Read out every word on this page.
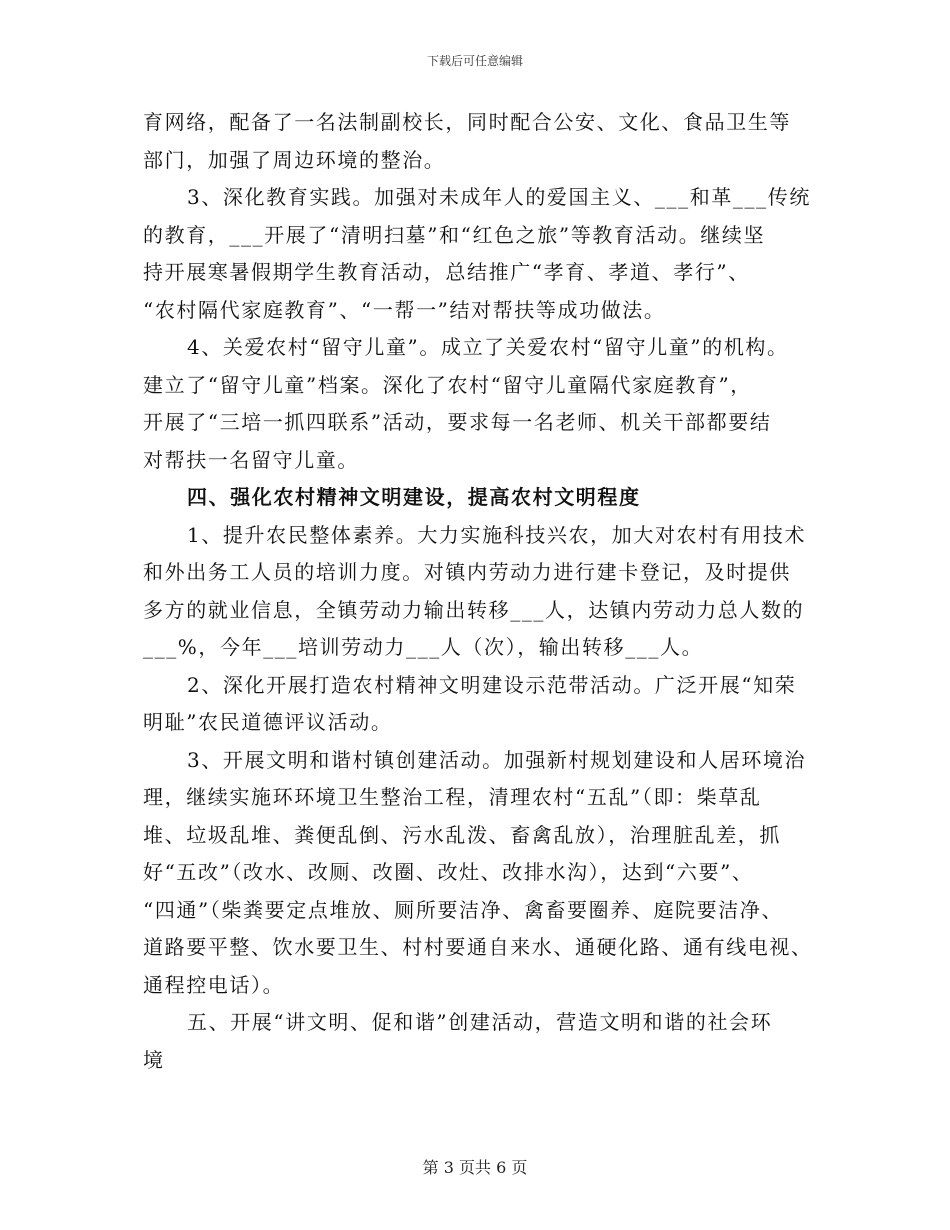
下载后可任意编辑
育网络，配备了一名法制副校长，同时配合公安、文化、食品卫生等
部门，加强了周边环境的整治。
3、深化教育实践。加强对未成年人的爱国主义、___和革___传统
的教育，___开展了“清明扫墓”和“红色之旅”等教育活动。继续坚
持开展寒暑假期学生教育活动，总结推广“孝育、孝道、孝行”、
“农村隔代家庭教育”、“一帮一”结对帮扶等成功做法。
4、关爱农村“留守儿童”。成立了关爱农村“留守儿童”的机构。
建立了“留守儿童”档案。深化了农村“留守儿童隔代家庭教育”，
开展了“三培一抓四联系”活动，要求每一名老师、机关干部都要结
对帮扶一名留守儿童。
四、强化农村精神文明建设，提高农村文明程度
1、提升农民整体素养。大力实施科技兴农，加大对农村有用技术
和外出务工人员的培训力度。对镇内劳动力进行建卡登记，及时提供
多方的就业信息，全镇劳动力输出转移___人，达镇内劳动力总人数的
___%，今年___培训劳动力___人（次），输出转移___人。
2、深化开展打造农村精神文明建设示范带活动。广泛开展“知荣
明耻”农民道德评议活动。
3、开展文明和谐村镇创建活动。加强新村规划建设和人居环境治
理，继续实施环环境卫生整治工程，清理农村“五乱”（即：柴草乱
堆、垃圾乱堆、粪便乱倒、污水乱泼、畜禽乱放），治理脏乱差，抓
好“五改”（改水、改厕、改圈、改灶、改排水沟），达到“六要”、
“四通”（柴粪要定点堆放、厕所要洁净、禽畜要圈养、庭院要洁净、
道路要平整、饮水要卫生、村村要通自来水、通硬化路、通有线电视、
通程控电话）。
五、开展“讲文明、促和谐”创建活动，营造文明和谐的社会环
境
第 3 页共 6 页
